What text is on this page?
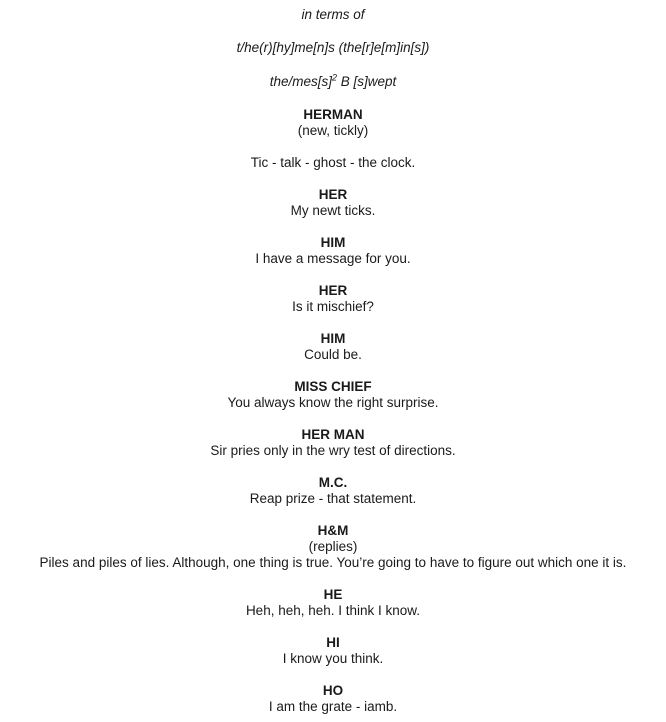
in terms of
t/he(r)[hy]me[n]s (the[r]e[m]in[s])
the/$mes[s]^2$ B [s]wept
HERMAN
(new, tickly)
Tic - talk - ghost - the clock.
HER
My newt ticks.
HIM
I have a message for you.
HER
Is it mischief?
HIM
Could be.
MISS CHIEF
You always know the right surprise.
HER MAN
Sir pries only in the wry test of directions.
M.C.
Reap prize - that statement.
H&M
(replies)
Piles and piles of lies. Although, one thing is true. You’re going to have to figure out which one it is.
HE
Heh, heh, heh. I think I know.
HI
I know you think.
HO
I am the grate - iamb.
